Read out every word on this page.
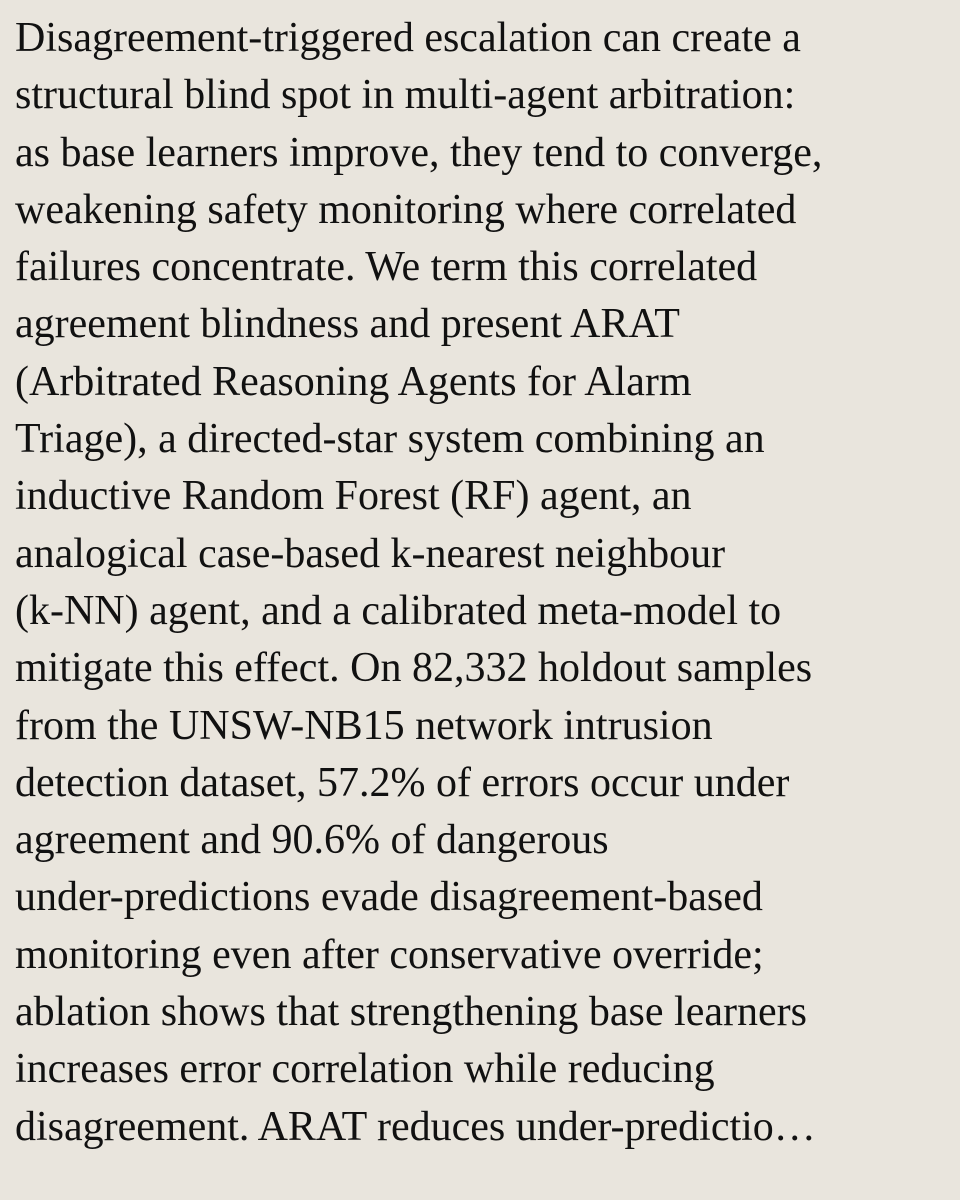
Disagreement-triggered escalation can create a
structural blind spot in multi-agent arbitration:
as base learners improve, they tend to converge,
weakening safety monitoring where correlated
failures concentrate. We term this correlated
agreement blindness and present ARAT
(Arbitrated Reasoning Agents for Alarm
Triage), a directed-star system combining an
inductive Random Forest (RF) agent, an
analogical case-based k-nearest neighbour
(k-NN) agent, and a calibrated meta-model to
mitigate this effect. On 82,332 holdout samples
from the UNSW-NB15 network intrusion
detection dataset, 57.2% of errors occur under
agreement and 90.6% of dangerous
under-predictions evade disagreement-based
monitoring even after conservative override;
ablation shows that strengthening base learners
increases error correlation while reducing
disagreement. ARAT reduces under-predictio…
